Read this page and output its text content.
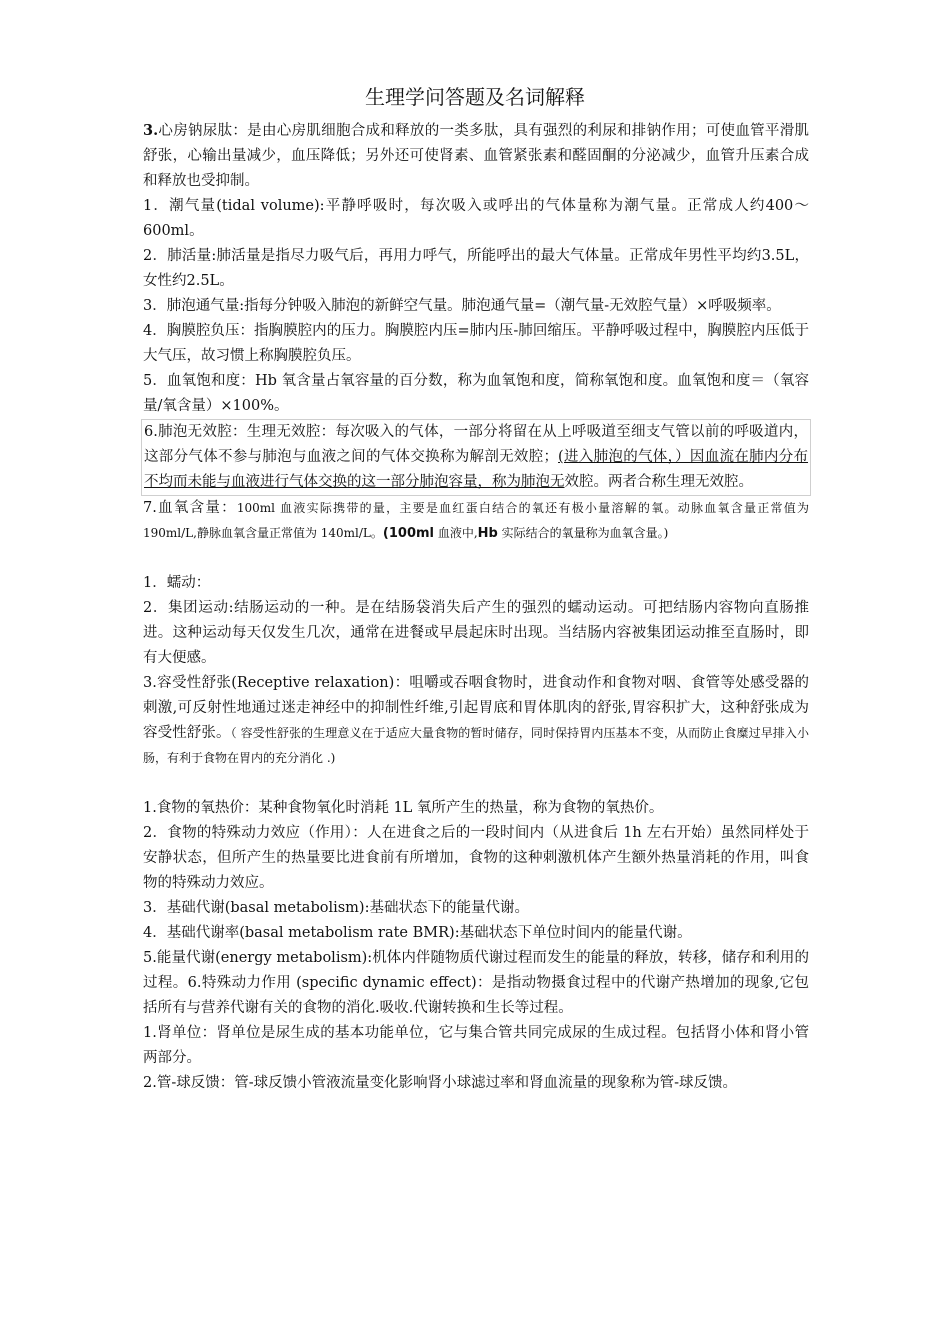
生理学问答题及名词解释

3.心房钠尿肽：是由心房肌细胞合成和释放的一类多肽，具有强烈的利尿和排钠作用；可使血管平滑肌舒张，心输出量减少，血压降低；另外还可使肾素、血管紧张素和醛固酮的分泌减少，血管升压素合成和释放也受抑制。

1．潮气量(tidal volume):平静呼吸时，每次吸入或呼出的气体量称为潮气量。正常成人约400～600ml。

2．肺活量:肺活量是指尽力吸气后，再用力呼气，所能呼出的最大气体量。正常成年男性平均约3.5L，女性约2.5L。

3．肺泡通气量:指每分钟吸入肺泡的新鲜空气量。肺泡通气量=（潮气量-无效腔气量）×呼吸频率。

4．胸膜腔负压：指胸膜腔内的压力。胸膜腔内压=肺内压-肺回缩压。平静呼吸过程中，胸膜腔内压低于大气压，故习惯上称胸膜腔负压。

5．血氧饱和度：Hb 氧含量占氧容量的百分数，称为血氧饱和度，简称氧饱和度。血氧饱和度＝（氧容量/氧含量）×100%。

6.肺泡无效腔：生理无效腔：每次吸入的气体，一部分将留在从上呼吸道至细支气管以前的呼吸道内，这部分气体不参与肺泡与血液之间的气体交换称为解剖无效腔；(进入肺泡的气体，）因血流在肺内分布不均而未能与血液进行气体交换的这一部分肺泡容量，称为肺泡无效腔。两者合称生理无效腔。

7.血氧含量：100ml 血液实际携带的量，主要是血红蛋白结合的氧还有极小量溶解的氧。动脉血氧含量正常值为 190ml/L,静脉血氧含量正常值为 140ml/L。(100ml 血液中,Hb 实际结合的氧量称为血氧含量。)

1．蠕动：

2．集团运动:结肠运动的一种。是在结肠袋消失后产生的强烈的蠕动运动。可把结肠内容物向直肠推进。这种运动每天仅发生几次，通常在进餐或早晨起床时出现。当结肠内容被集团运动推至直肠时，即有大便感。

3.容受性舒张(Receptive relaxation)：咀嚼或吞咽食物时，进食动作和食物对咽、食管等处感受器的刺激,可反射性地通过迷走神经中的抑制性纤维,引起胃底和胃体肌肉的舒张,胃容积扩大，这种舒张成为容受性舒张。（ 容受性舒张的生理意义在于适应大量食物的暂时储存，同时保持胃内压基本不变，从而防止食糜过早排入小肠，有利于食物在胃内的充分消化 .)

1.食物的氧热价：某种食物氧化时消耗 1L 氧所产生的热量，称为食物的氧热价。

2．食物的特殊动力效应（作用）：人在进食之后的一段时间内（从进食后 1h 左右开始）虽然同样处于安静状态，但所产生的热量要比进食前有所增加，食物的这种刺激机体产生额外热量消耗的作用，叫食物的特殊动力效应。

3．基础代谢(basal metabolism):基础状态下的能量代谢。

4．基础代谢率(basal metabolism rate BMR):基础状态下单位时间内的能量代谢。

5.能量代谢(energy metabolism):机体内伴随物质代谢过程而发生的能量的释放，转移，储存和利用的过程。6.特殊动力作用 (specific dynamic effect)：是指动物摄食过程中的代谢产热增加的现象,它包括所有与营养代谢有关的食物的消化.吸收.代谢转换和生长等过程。

1.肾单位：肾单位是尿生成的基本功能单位，它与集合管共同完成尿的生成过程。包括肾小体和肾小管两部分。

2.管-球反馈：管-球反馈小管液流量变化影响肾小球滤过率和肾血流量的现象称为管-球反馈。
